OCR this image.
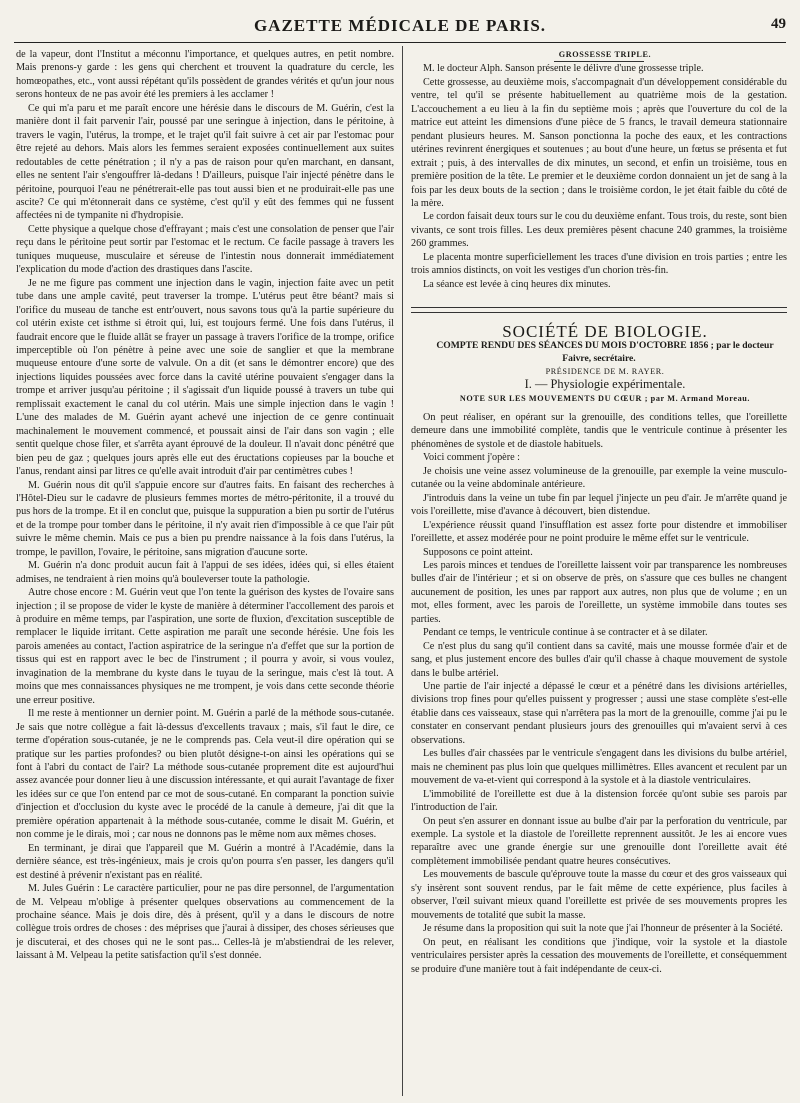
GAZETTE MÉDICALE DE PARIS.	49

de la vapeur, dont l'Institut a méconnu l'importance, et quelques autres, en petit nombre. Mais prenons-y garde : les gens qui cherchent et trouvent la quadrature du cercle, les homœopathes, etc., vont aussi répétant qu'ils possèdent de grandes vérités et qu'un jour nous serons honteux de ne pas avoir été les premiers à les acclamer !

Ce qui m'a paru et me paraît encore une hérésie dans le discours de M. Guérin, c'est la manière dont il fait parvenir l'air, poussé par une seringue à injection, dans le péritoine, à travers le vagin, l'utérus, la trompe, et le trajet qu'il fait suivre à cet air par l'estomac pour être rejeté au dehors. Mais alors les femmes seraient exposées continuellement aux suites redoutables de cette pénétration ; il n'y a pas de raison pour qu'en marchant, en dansant, elles ne sentent l'air s'engouffrer là-dedans ! D'ailleurs, puisque l'air injecté pénètre dans le péritoine, pourquoi l'eau ne pénétrerait-elle pas tout aussi bien et ne produirait-elle pas une ascite? Ce qui m'étonnerait dans ce système, c'est qu'il y eût des femmes qui ne fussent affectées ni de tympanite ni d'hydropisie.

Cette physique a quelque chose d'effrayant ; mais c'est une consolation de penser que l'air reçu dans le péritoine peut sortir par l'estomac et le rectum. Ce facile passage à travers les tuniques muqueuse, musculaire et séreuse de l'intestin nous donnerait immédiatement l'explication du mode d'action des drastiques dans l'ascite.

Je ne me figure pas comment une injection dans le vagin, injection faite avec un petit tube dans une ample cavité, peut traverser la trompe. L'utérus peut être béant? mais si l'orifice du museau de tanche est entr'ouvert, nous savons tous qu'à la partie supérieure du col utérin existe cet isthme si étroit qui, lui, est toujours fermé. Une fois dans l'utérus, il faudrait encore que le fluide allât se frayer un passage à travers l'orifice de la trompe, orifice imperceptible où l'on pénètre à peine avec une soie de sanglier et que la membrane muqueuse entoure d'une sorte de valvule. On a dit (et sans le démontrer encore) que des injections liquides poussées avec force dans la cavité utérine pouvaient s'engager dans la trompe et arriver jusqu'au péritoine ; il s'agissait d'un liquide poussé à travers un tube qui remplissait exactement le canal du col utérin. Mais une simple injection dans le vagin ! L'une des malades de M. Guérin ayant achevé une injection de ce genre continuait machinalement le mouvement commencé, et poussait ainsi de l'air dans son vagin ; elle sentit quelque chose filer, et s'arrêta ayant éprouvé de la douleur. Il n'avait donc pénétré que bien peu de gaz ; quelques jours après elle eut des éructations copieuses par la bouche et l'anus, rendant ainsi par litres ce qu'elle avait introduit d'air par centimètres cubes !

M. Guérin nous dit qu'il s'appuie encore sur d'autres faits. En faisant des recherches à l'Hôtel-Dieu sur le cadavre de plusieurs femmes mortes de métro-péritonite, il a trouvé du pus hors de la trompe. Et il en conclut que, puisque la suppuration a bien pu sortir de l'utérus et de la trompe pour tomber dans le péritoine, il n'y avait rien d'impossible à ce que l'air pût suivre le même chemin. Mais ce pus a bien pu prendre naissance à la fois dans l'utérus, la trompe, le pavillon, l'ovaire, le péritoine, sans migration d'aucune sorte.

M. Guérin n'a donc produit aucun fait à l'appui de ses idées, idées qui, si elles étaient admises, ne tendraient à rien moins qu'à bouleverser toute la pathologie.

Autre chose encore : M. Guérin veut que l'on tente la guérison des kystes de l'ovaire sans injection ; il se propose de vider le kyste de manière à déterminer l'accollement des parois et à produire en même temps, par l'aspiration, une sorte de fluxion, d'excitation susceptible de remplacer le liquide irritant. Cette aspiration me paraît une seconde hérésie. Une fois les parois amenées au contact, l'action aspiratrice de la seringue n'a d'effet que sur la portion de tissus qui est en rapport avec le bec de l'instrument ; il pourra y avoir, si vous voulez, invagination de la membrane du kyste dans le tuyau de la seringue, mais c'est là tout. A moins que mes connaissances physiques ne me trompent, je vois dans cette seconde théorie une erreur positive.

Il me reste à mentionner un dernier point. M. Guérin a parlé de la méthode sous-cutanée. Je sais que notre collègue a fait là-dessus d'excellents travaux ; mais, s'il faut le dire, ce terme d'opération sous-cutanée, je ne le comprends pas. Cela veut-il dire opération qui se pratique sur les parties profondes? ou bien plutôt désigne-t-on ainsi les opérations qui se font à l'abri du contact de l'air? La méthode sous-cutanée proprement dite est aujourd'hui assez avancée pour donner lieu à une discussion intéressante, et qui aurait l'avantage de fixer les idées sur ce que l'on entend par ce mot de sous-cutané. En comparant la ponction suivie d'injection et d'occlusion du kyste avec le procédé de la canule à demeure, j'ai dit que la première opération appartenait à la méthode sous-cutanée, comme le disait M. Guérin, et non comme je le dirais, moi ; car nous ne donnons pas le même nom aux mêmes choses.

En terminant, je dirai que l'appareil que M. Guérin a montré à l'Académie, dans la dernière séance, est très-ingénieux, mais je crois qu'on pourra s'en passer, les dangers qu'il est destiné à prévenir n'existant pas en réalité.

M. Jules Guérin : Le caractère particulier, pour ne pas dire personnel, de l'argumentation de M. Velpeau m'oblige à présenter quelques observations au commencement de la prochaine séance. Mais je dois dire, dès à présent, qu'il y a dans le discours de notre collègue trois ordres de choses : des méprises que j'aurai à dissiper, des choses sérieuses que je discuterai, et des choses qui ne le sont pas... Celles-là je m'abstiendrai de les relever, laissant à M. Velpeau la petite satisfaction qu'il s'est donnée.

GROSSESSE TRIPLE.

M. le docteur Alph. Sanson présente le délivre d'une grossesse triple.

Cette grossesse, au deuxième mois, s'accompagnait d'un développement considérable du ventre, tel qu'il se présente habituellement au quatrième mois de la gestation. L'accouchement a eu lieu à la fin du septième mois ; après que l'ouverture du col de la matrice eut atteint les dimensions d'une pièce de 5 francs, le travail demeura stationnaire pendant plusieurs heures. M. Sanson ponctionna la poche des eaux, et les contractions utérines revinrent énergiques et soutenues ; au bout d'une heure, un fœtus se présenta et fut extrait ; puis, à des intervalles de dix minutes, un second, et enfin un troisième, tous en première position de la tête. Le premier et le deuxième cordon donnaient un jet de sang à la fois par les deux bouts de la section ; dans le troisième cordon, le jet était faible du côté de la mère.

Le cordon faisait deux tours sur le cou du deuxième enfant. Tous trois, du reste, sont bien vivants, ce sont trois filles. Les deux premières pèsent chacune 240 grammes, la troisième 260 grammes.

Le placenta montre superficiellement les traces d'une division en trois parties ; entre les trois amnios distincts, on voit les vestiges d'un chorion très-fin.

La séance est levée à cinq heures dix minutes.

SOCIÉTÉ DE BIOLOGIE.

COMPTE RENDU DES SÉANCES DU MOIS D'OCTOBRE 1856 ; par le docteur Faivre, secrétaire.

PRÉSIDENCE DE M. RAYER.

I. — Physiologie expérimentale.

NOTE SUR LES MOUVEMENTS DU CŒUR ; par M. Armand Moreau.

On peut réaliser, en opérant sur la grenouille, des conditions telles, que l'oreillette demeure dans une immobilité complète, tandis que le ventricule continue à présenter les phénomènes de systole et de diastole habituels.

Voici comment j'opère :

Je choisis une veine assez volumineuse de la grenouille, par exemple la veine musculo-cutanée ou la veine abdominale antérieure.

J'introduis dans la veine un tube fin par lequel j'injecte un peu d'air. Je m'arrête quand je vois l'oreillette, mise d'avance à découvert, bien distendue.

L'expérience réussit quand l'insufflation est assez forte pour distendre et immobiliser l'oreillette, et assez modérée pour ne point produire le même effet sur le ventricule.

Supposons ce point atteint.

Les parois minces et tendues de l'oreillette laissent voir par transparence les nombreuses bulles d'air de l'intérieur ; et si on observe de près, on s'assure que ces bulles ne changent aucunement de position, les unes par rapport aux autres, non plus que de volume ; en un mot, elles forment, avec les parois de l'oreillette, un système immobile dans toutes ses parties.

Pendant ce temps, le ventricule continue à se contracter et à se dilater.

Ce n'est plus du sang qu'il contient dans sa cavité, mais une mousse formée d'air et de sang, et plus justement encore des bulles d'air qu'il chasse à chaque mouvement de systole dans le bulbe artériel.

Une partie de l'air injecté a dépassé le cœur et a pénétré dans les divisions artérielles, divisions trop fines pour qu'elles puissent y progresser ; aussi une stase complète s'est-elle établie dans ces vaisseaux, stase qui n'arrêtera pas la mort de la grenouille, comme j'ai pu le constater en conservant pendant plusieurs jours des grenouilles qui m'avaient servi à ces observations.

Les bulles d'air chassées par le ventricule s'engagent dans les divisions du bulbe artériel, mais ne cheminent pas plus loin que quelques millimètres. Elles avancent et reculent par un mouvement de va-et-vient qui correspond à la systole et à la diastole ventriculaires.

L'immobilité de l'oreillette est due à la distension forcée qu'ont subie ses parois par l'introduction de l'air.

On peut s'en assurer en donnant issue au bulbe d'air par la perforation du ventricule, par exemple. La systole et la diastole de l'oreillette reprennent aussitôt. Je les ai encore vues reparaître avec une grande énergie sur une grenouille dont l'oreillette avait été complètement immobilisée pendant quatre heures consécutives.

Les mouvements de bascule qu'éprouve toute la masse du cœur et des gros vaisseaux qui s'y insèrent sont souvent rendus, par le fait même de cette expérience, plus faciles à observer, l'œil suivant mieux quand l'oreillette est privée de ses mouvements propres les mouvements de totalité que subit la masse.

Je résume dans la proposition qui suit la note que j'ai l'honneur de présenter à la Société.

On peut, en réalisant les conditions que j'indique, voir la systole et la diastole ventriculaires persister après la cessation des mouvements de l'oreillette, et conséquemment se produire d'une manière tout à fait indépendante de ceux-ci.
